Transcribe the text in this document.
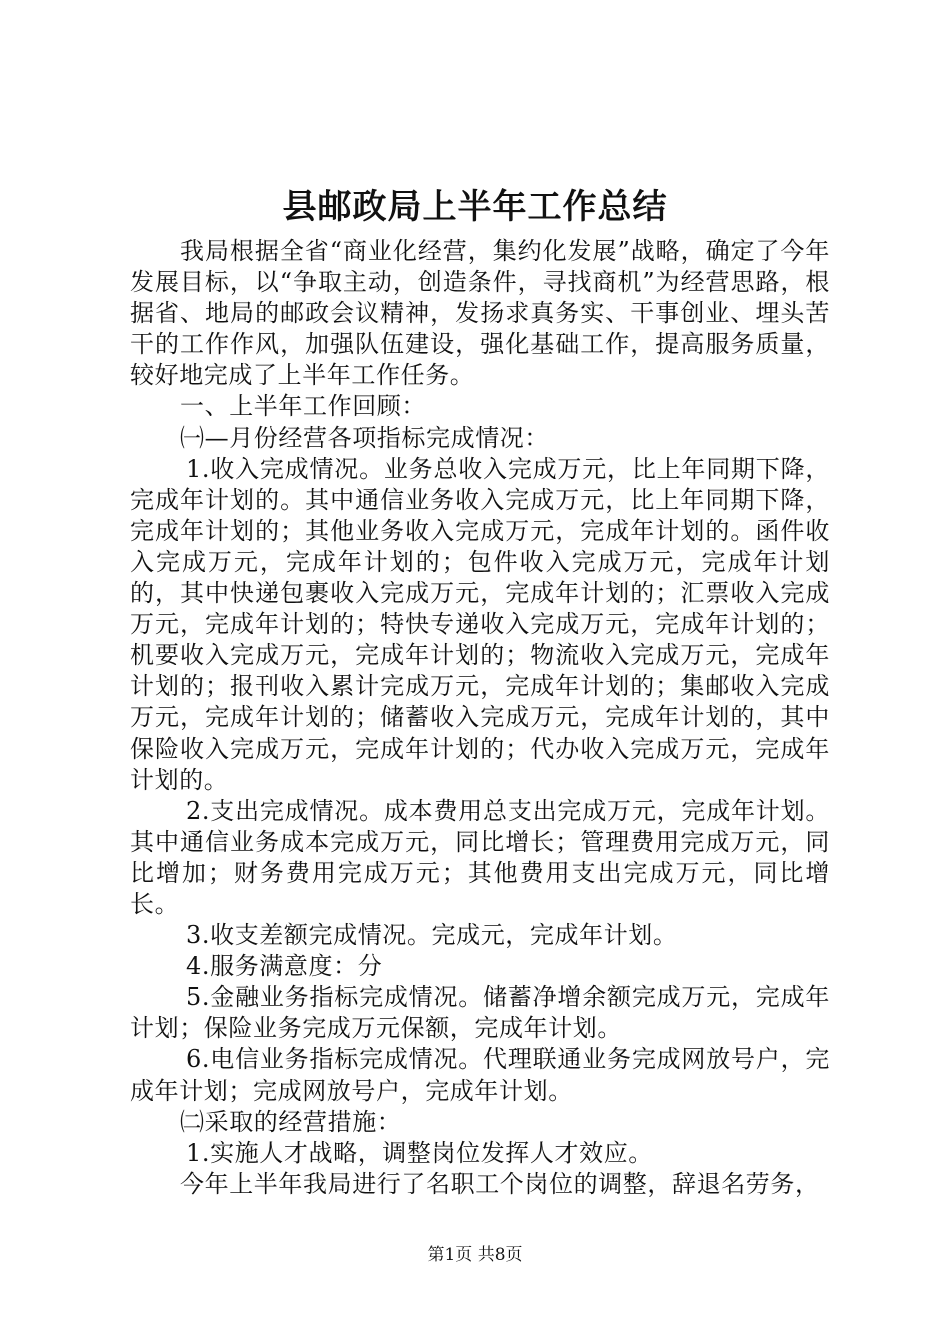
县邮政局上半年工作总结

我局根据全省“商业化经营，集约化发展”战略，确定了今年发展目标，以“争取主动，创造条件，寻找商机”为经营思路，根据省、地局的邮政会议精神，发扬求真务实、干事创业、埋头苦干的工作作风，加强队伍建设，强化基础工作，提高服务质量，较好地完成了上半年工作任务。

一、上半年工作回顾：

㈠—月份经营各项指标完成情况：

1.收入完成情况。业务总收入完成万元，比上年同期下降，完成年计划的。其中通信业务收入完成万元，比上年同期下降，完成年计划的；其他业务收入完成万元，完成年计划的。函件收入完成万元，完成年计划的；包件收入完成万元，完成年计划的，其中快递包裹收入完成万元，完成年计划的；汇票收入完成万元，完成年计划的；特快专递收入完成万元，完成年计划的；机要收入完成万元，完成年计划的；物流收入完成万元，完成年计划的；报刊收入累计完成万元，完成年计划的；集邮收入完成万元，完成年计划的；储蓄收入完成万元，完成年计划的，其中保险收入完成万元，完成年计划的；代办收入完成万元，完成年计划的。

2.支出完成情况。成本费用总支出完成万元，完成年计划。其中通信业务成本完成万元，同比增长；管理费用完成万元，同比增加；财务费用完成万元；其他费用支出完成万元，同比增长。

3.收支差额完成情况。完成元，完成年计划。

4.服务满意度：分

5.金融业务指标完成情况。储蓄净增余额完成万元，完成年计划；保险业务完成万元保额，完成年计划。

6.电信业务指标完成情况。代理联通业务完成网放号户，完成年计划；完成网放号户，完成年计划。

㈡采取的经营措施：

1.实施人才战略，调整岗位发挥人才效应。

今年上半年我局进行了名职工个岗位的调整，辞退名劳务，

第1页 共8页
